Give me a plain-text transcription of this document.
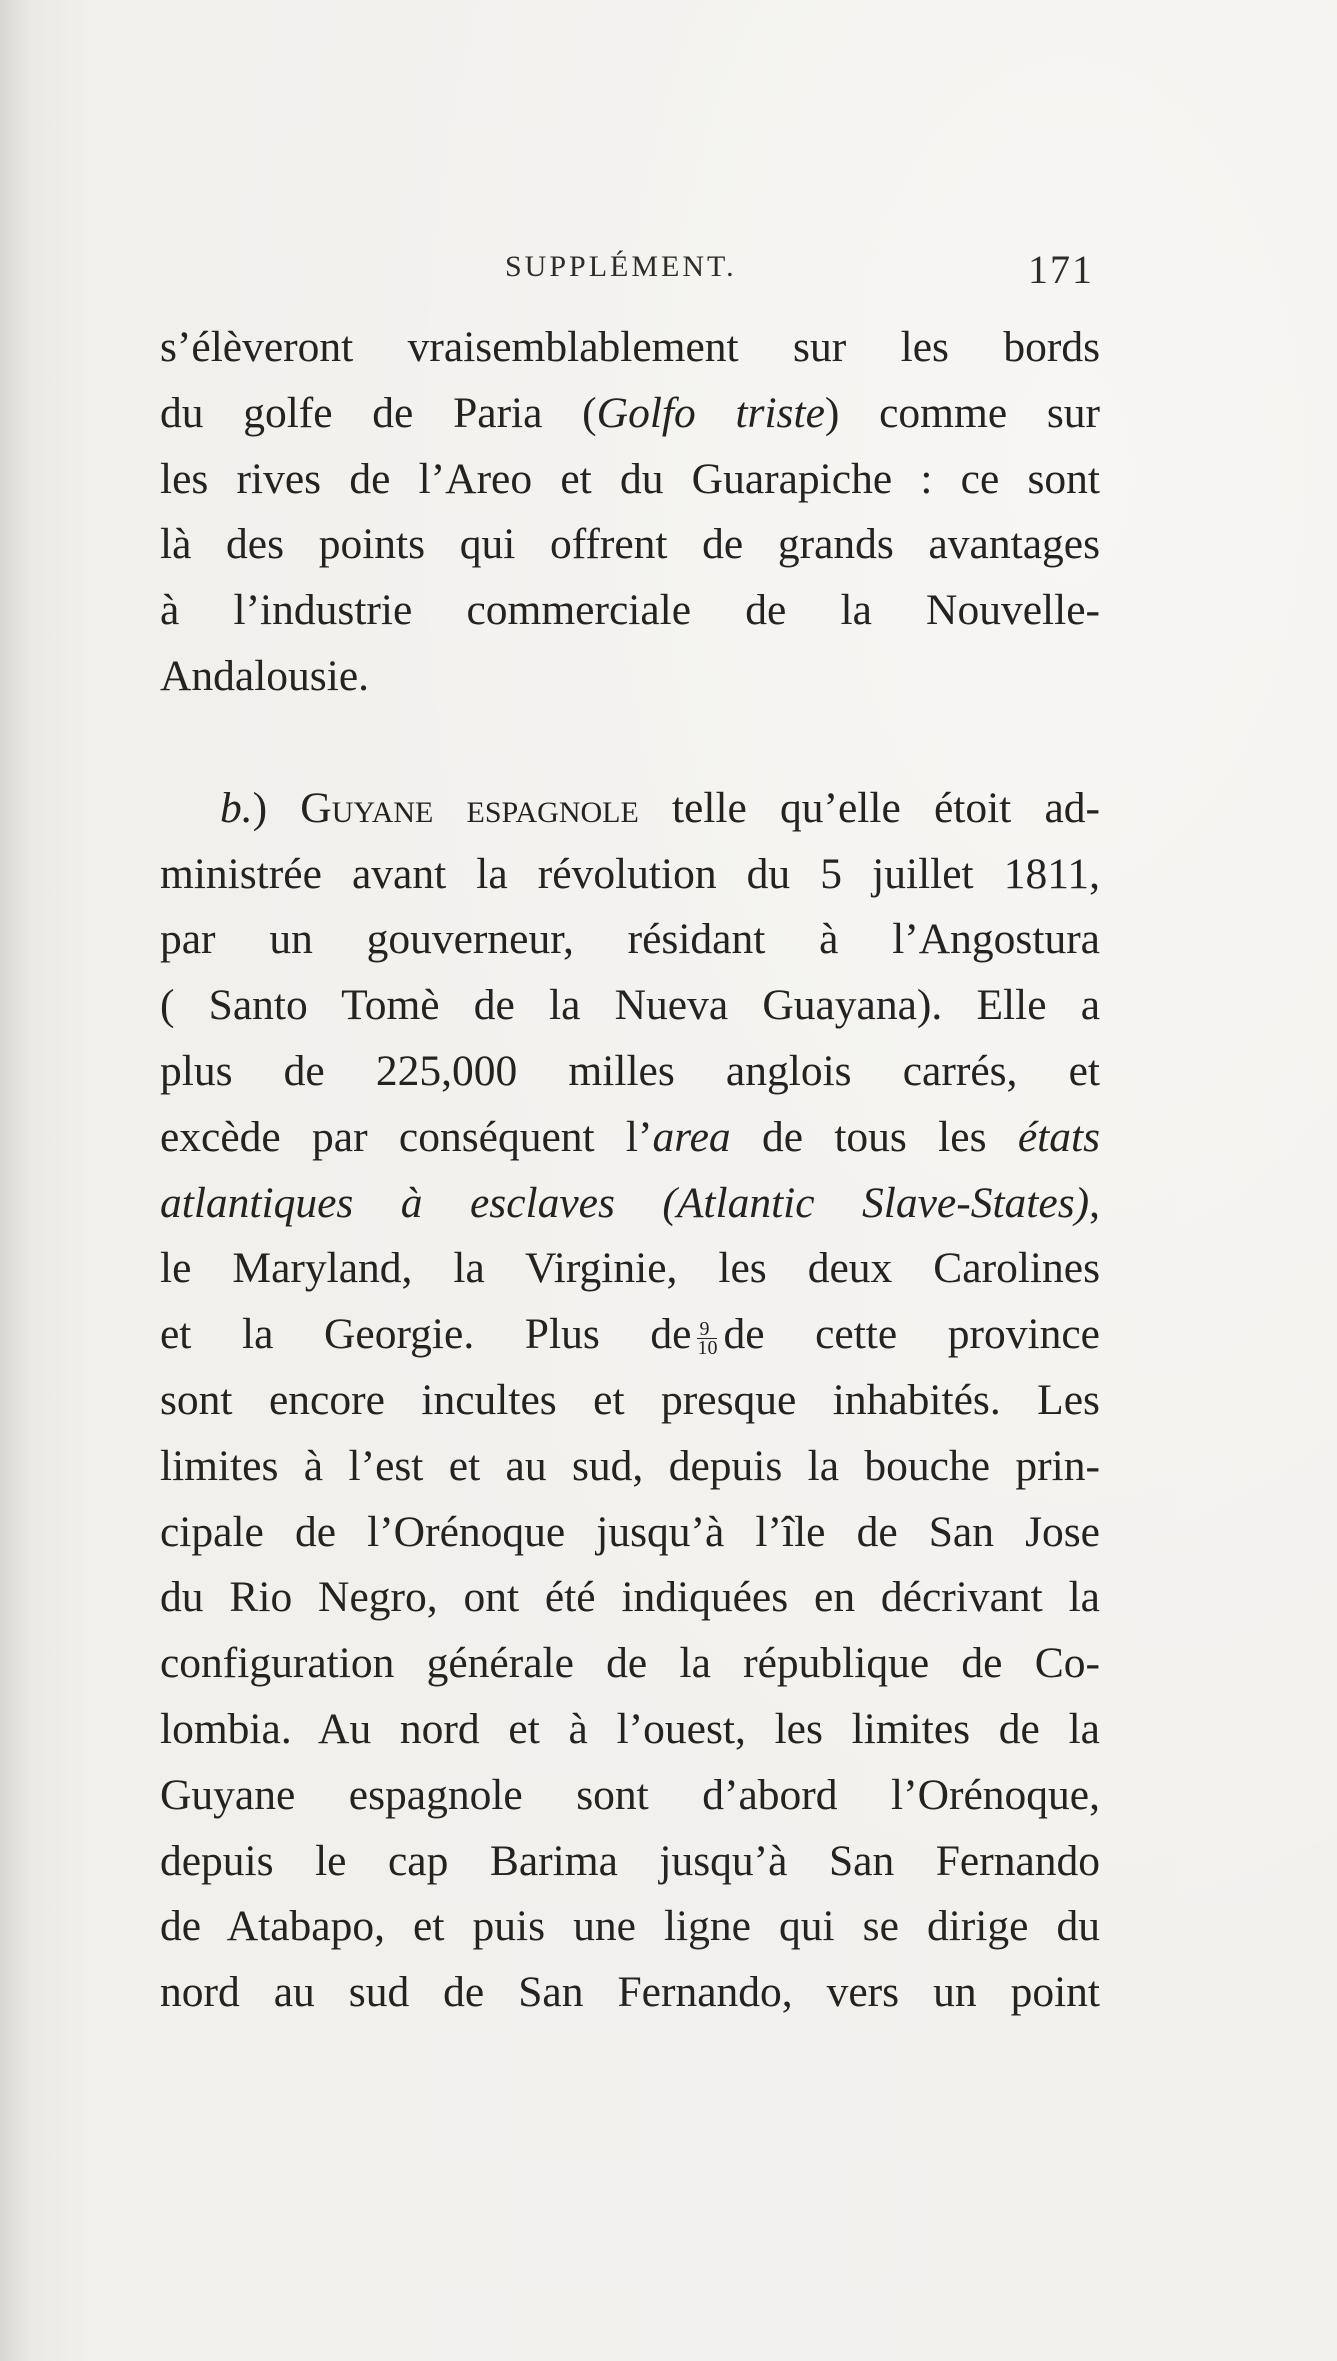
SUPPLÉMENT.	171
s’élèveront vraisemblablement sur les bords
du golfe de Paria (Golfo triste) comme sur
les rives de l’Areo et du Guarapiche : ce sont
là des points qui offrent de grands avantages
à l’industrie commerciale de la Nouvelle-
Andalousie.
b.) Guyane espagnole telle qu’elle étoit ad-
ministrée avant la révolution du 5 juillet 1811,
par un gouverneur, résidant à l’Angostura
( Santo Tomè de la Nueva Guayana). Elle a
plus de 225,000 milles anglois carrés, et
excède par conséquent l’area de tous les états
atlantiques à esclaves (Atlantic Slave-States),
le Maryland, la Virginie, les deux Carolines
et la Georgie. Plus de $\frac{9}{10}$ de cette province
sont encore incultes et presque inhabités. Les
limites à l’est et au sud, depuis la bouche prin-
cipale de l’Orénoque jusqu’à l’île de San Jose
du Rio Negro, ont été indiquées en décrivant la
configuration générale de la république de Co-
lombia. Au nord et à l’ouest, les limites de la
Guyane espagnole sont d’abord l’Orénoque,
depuis le cap Barima jusqu’à San Fernando
de Atabapo, et puis une ligne qui se dirige du
nord au sud de San Fernando, vers un point
